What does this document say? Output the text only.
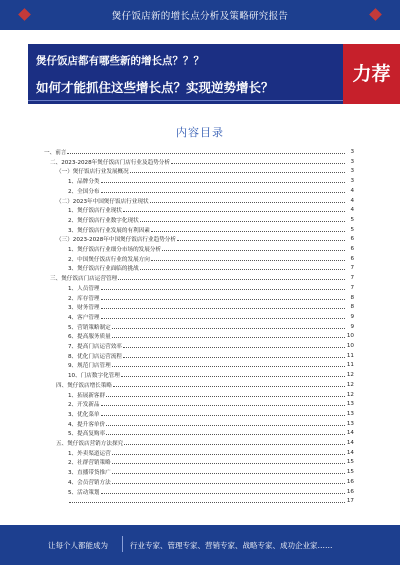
煲仔饭店新的增长点分析及策略研究报告
煲仔饭店都有哪些新的增长点？？？
如何才能抓住这些增长点？实现逆势增长？
力荐
内容目录
一、前言	3
二、2023-2028年煲仔饭店门店行业及趋势分析	3
（一）煲仔饭店行业发展概况	3
1、品牌分类	3
2、全国分布	4
（二）2023年中国煲仔饭店行业现状	4
1、煲仔饭店行业现状	4
2、煲仔饭店行业数字化现状	5
3、煲仔饭店行业发展的有利因素	5
（三）2023-2028年中国煲仔饭店行业趋势分析	6
1、煲仔饭店行业细分市场的发展分析	6
2、中国煲仔饭店行业的发展方向	6
3、煲仔饭店行业面临的挑战	7
三、煲仔饭店门店运营管理	7
1、人员管理	7
2、库存管理	8
3、财务管理	8
4、客户管理	9
5、营销策略制定	9
6、提高服务质量	10
7、提高门店运营效率	10
8、优化门店运营流程	11
9、规范门店管理	11
10、门店数字化管理	12
四、煲仔饭店增长策略	12
1、拓展新客群	12
2、开发新品	13
3、优化菜单	13
4、提升客单价	13
5、提高复购率	14
五、煲仔饭店营销方法探究	14
1、外卖渠道运营	14
2、社群营销策略	15
3、直播带货推广	15
4、会员营销方法	16
5、活动策划	16
17
让每个人都能成为	行业专家、管理专家、营销专家、战略专家、成功企业家……
